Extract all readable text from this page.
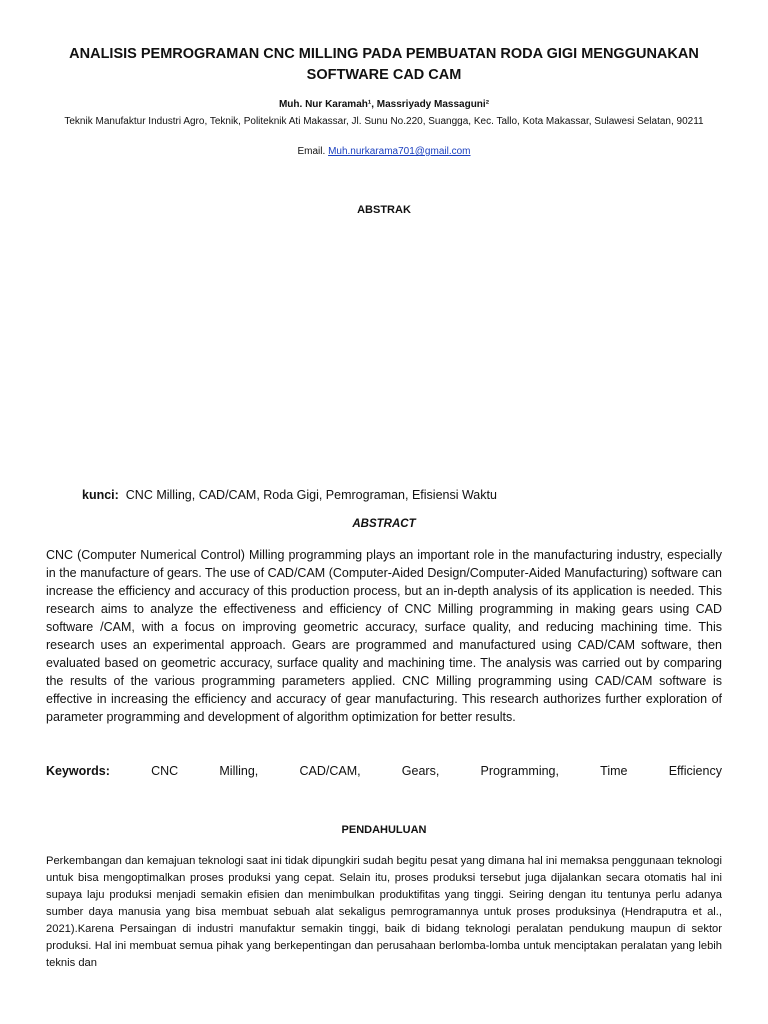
ANALISIS PEMROGRAMAN CNC MILLING PADA PEMBUATAN RODA GIGI MENGGUNAKAN SOFTWARE CAD CAM
Muh. Nur Karamah¹, Massriyady Massaguni²
Teknik Manufaktur Industri Agro, Teknik, Politeknik Ati Makassar, Jl. Sunu No.220, Suangga, Kec. Tallo, Kota Makassar, Sulawesi Selatan, 90211
Email. Muh.nurkarama701@gmail.com
ABSTRAK
kunci: CNC Milling, CAD/CAM, Roda Gigi, Pemrograman, Efisiensi Waktu
ABSTRACT

CNC (Computer Numerical Control) Milling programming plays an important role in the manufacturing industry, especially in the manufacture of gears. The use of CAD/CAM (Computer-Aided Design/Computer-Aided Manufacturing) software can increase the efficiency and accuracy of this production process, but an in-depth analysis of its application is needed. This research aims to analyze the effectiveness and efficiency of CNC Milling programming in making gears using CAD software /CAM, with a focus on improving geometric accuracy, surface quality, and reducing machining time. This research uses an experimental approach. Gears are programmed and manufactured using CAD/CAM software, then evaluated based on geometric accuracy, surface quality and machining time. The analysis was carried out by comparing the results of the various programming parameters applied. CNC Milling programming using CAD/CAM software is effective in increasing the efficiency and accuracy of gear manufacturing. This research authorizes further exploration of parameter programming and development of algorithm optimization for better results.

Keywords:	CNC	Milling,	CAD/CAM,	Gears,	Programming,	Time	Efficiency
PENDAHULUAN

Perkembangan dan kemajuan teknologi saat ini tidak dipungkiri sudah begitu pesat yang dimana hal ini memaksa penggunaan teknologi untuk bisa mengoptimalkan proses produksi yang cepat. Selain itu, proses produksi tersebut juga dijalankan secara otomatis hal ini supaya laju produksi menjadi semakin efisien dan menimbulkan produktifitas yang tinggi. Seiring dengan itu tentunya perlu adanya sumber daya manusia yang bisa membuat sebuah alat sekaligus pemrogramannya untuk proses produksinya (Hendraputra et al., 2021).Karena Persaingan di industri manufaktur semakin tinggi, baik di bidang teknologi peralatan pendukung maupun di sektor produksi. Hal ini membuat semua pihak yang berkepentingan dan perusahaan berlomba-lomba untuk menciptakan peralatan yang lebih teknis dan
